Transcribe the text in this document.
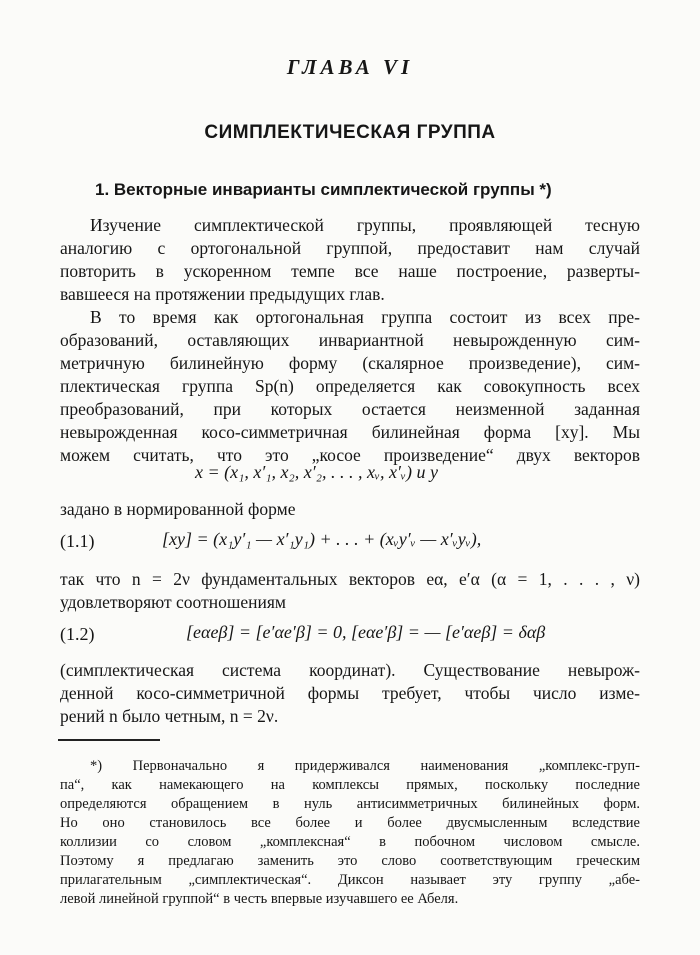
ГЛАВА VI
СИМПЛЕКТИЧЕСКАЯ ГРУППА
1. Векторные инварианты симплектической группы *)
Изучение симплектической группы, проявляющей тесную
аналогию с ортогональной группой, предоставит нам случай
повторить в ускоренном темпе все наше построение, разверты-
вавшееся на протяжении предыдущих глав.
В то время как ортогональная группа состоит из всех пре-
образований, оставляющих инвариантной невырожденную сим-
метричную билинейную форму (скалярное произведение), сим-
плектическая группа Sp(n) определяется как совокупность всех
преобразований, при которых остается неизменной заданная
невырожденная косо-симметричная билинейная форма [xy]. Мы
можем считать, что это „косое произведение“ двух векторов
x = (x₁, x′₁, x₂, x′₂, . . . , xᵥ, x′ᵥ) и y
задано в нормированной форме
(1.1)	[xy] = (x₁y′₁ — x′₁y₁) + . . . + (xᵥy′ᵥ — x′ᵥyᵥ),
так что n = 2ν фундаментальных векторов eα, e′α (α = 1, . . . , ν)
удовлетворяют соотношениям
(1.2)	[eαeβ] = [e′αe′β] = 0, [eαe′β] = — [e′αeβ] = δαβ
(симплектическая система координат). Существование невырож-
денной косо-симметричной формы требует, чтобы число изме-
рений n было четным, n = 2ν.
*) Первоначально я придерживался наименования „комплекс-груп-
па“, как намекающего на комплексы прямых, поскольку последние
определяются обращением в нуль антисимметричных билинейных форм.
Но оно становилось все более и более двусмысленным вследствие
коллизии со словом „комплексная“ в побочном числовом смысле.
Поэтому я предлагаю заменить это слово соответствующим греческим
прилагательным „симплектическая“. Диксон называет эту группу „абе-
левой линейной группой“ в честь впервые изучавшего ее Абеля.
